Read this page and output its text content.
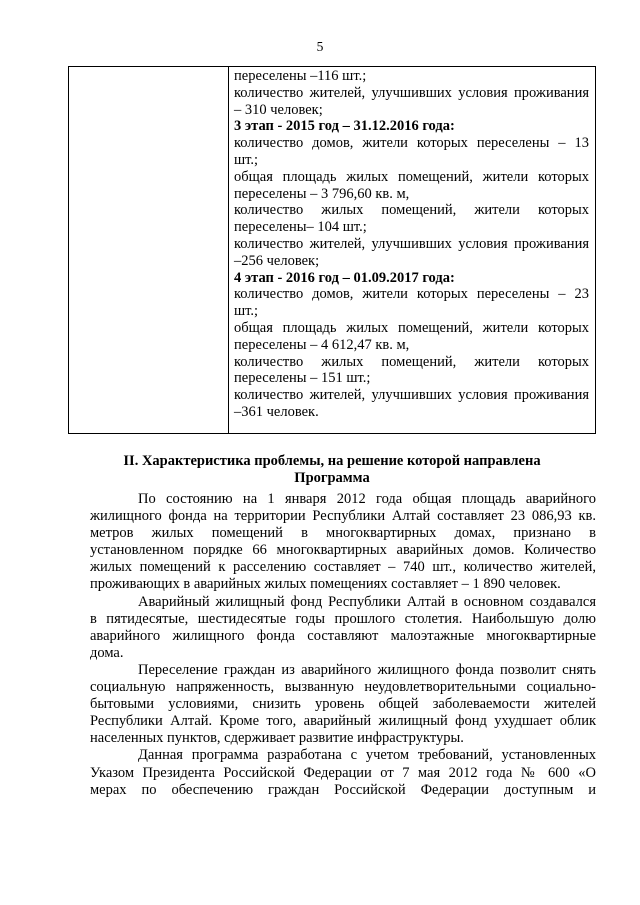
5
переселены –116 шт.;
количество жителей, улучшивших условия проживания
– 310 человек;
3 этап - 2015 год – 31.12.2016 года:
количество домов, жители которых переселены – 13
шт.;
общая площадь жилых помещений, жители которых
переселены – 3 796,60 кв. м,
количество жилых помещений, жители которых
переселены– 104 шт.;
количество жителей, улучшивших условия проживания
–256 человек;
4 этап - 2016 год – 01.09.2017 года:
количество домов, жители которых переселены – 23
шт.;
общая площадь жилых помещений, жители которых
переселены – 4 612,47 кв. м,
количество жилых помещений, жители которых
переселены – 151 шт.;
количество жителей, улучшивших условия проживания
–361 человек.
II. Характеристика проблемы, на решение которой направлена
Программа
По состоянию на 1 января 2012 года общая площадь аварийного
жилищного фонда на территории Республики Алтай составляет 23 086,93 кв.
метров жилых помещений в многоквартирных домах, признано в
установленном порядке 66 многоквартирных аварийных домов. Количество
жилых помещений к расселению составляет – 740 шт., количество жителей,
проживающих в аварийных жилых помещениях составляет – 1 890 человек.
Аварийный жилищный фонд Республики Алтай в основном создавался
в пятидесятые, шестидесятые годы прошлого столетия. Наибольшую долю
аварийного жилищного фонда составляют малоэтажные многоквартирные
дома.
Переселение граждан из аварийного жилищного фонда позволит снять
социальную напряженность, вызванную неудовлетворительными социально-
бытовыми условиями, снизить уровень общей заболеваемости жителей
Республики Алтай. Кроме того, аварийный жилищный фонд ухудшает облик
населенных пунктов, сдерживает развитие инфраструктуры.
Данная программа разработана с учетом требований, установленных
Указом Президента Российской Федерации от 7 мая 2012 года № 600 «О
мерах по обеспечению граждан Российской Федерации доступным и
